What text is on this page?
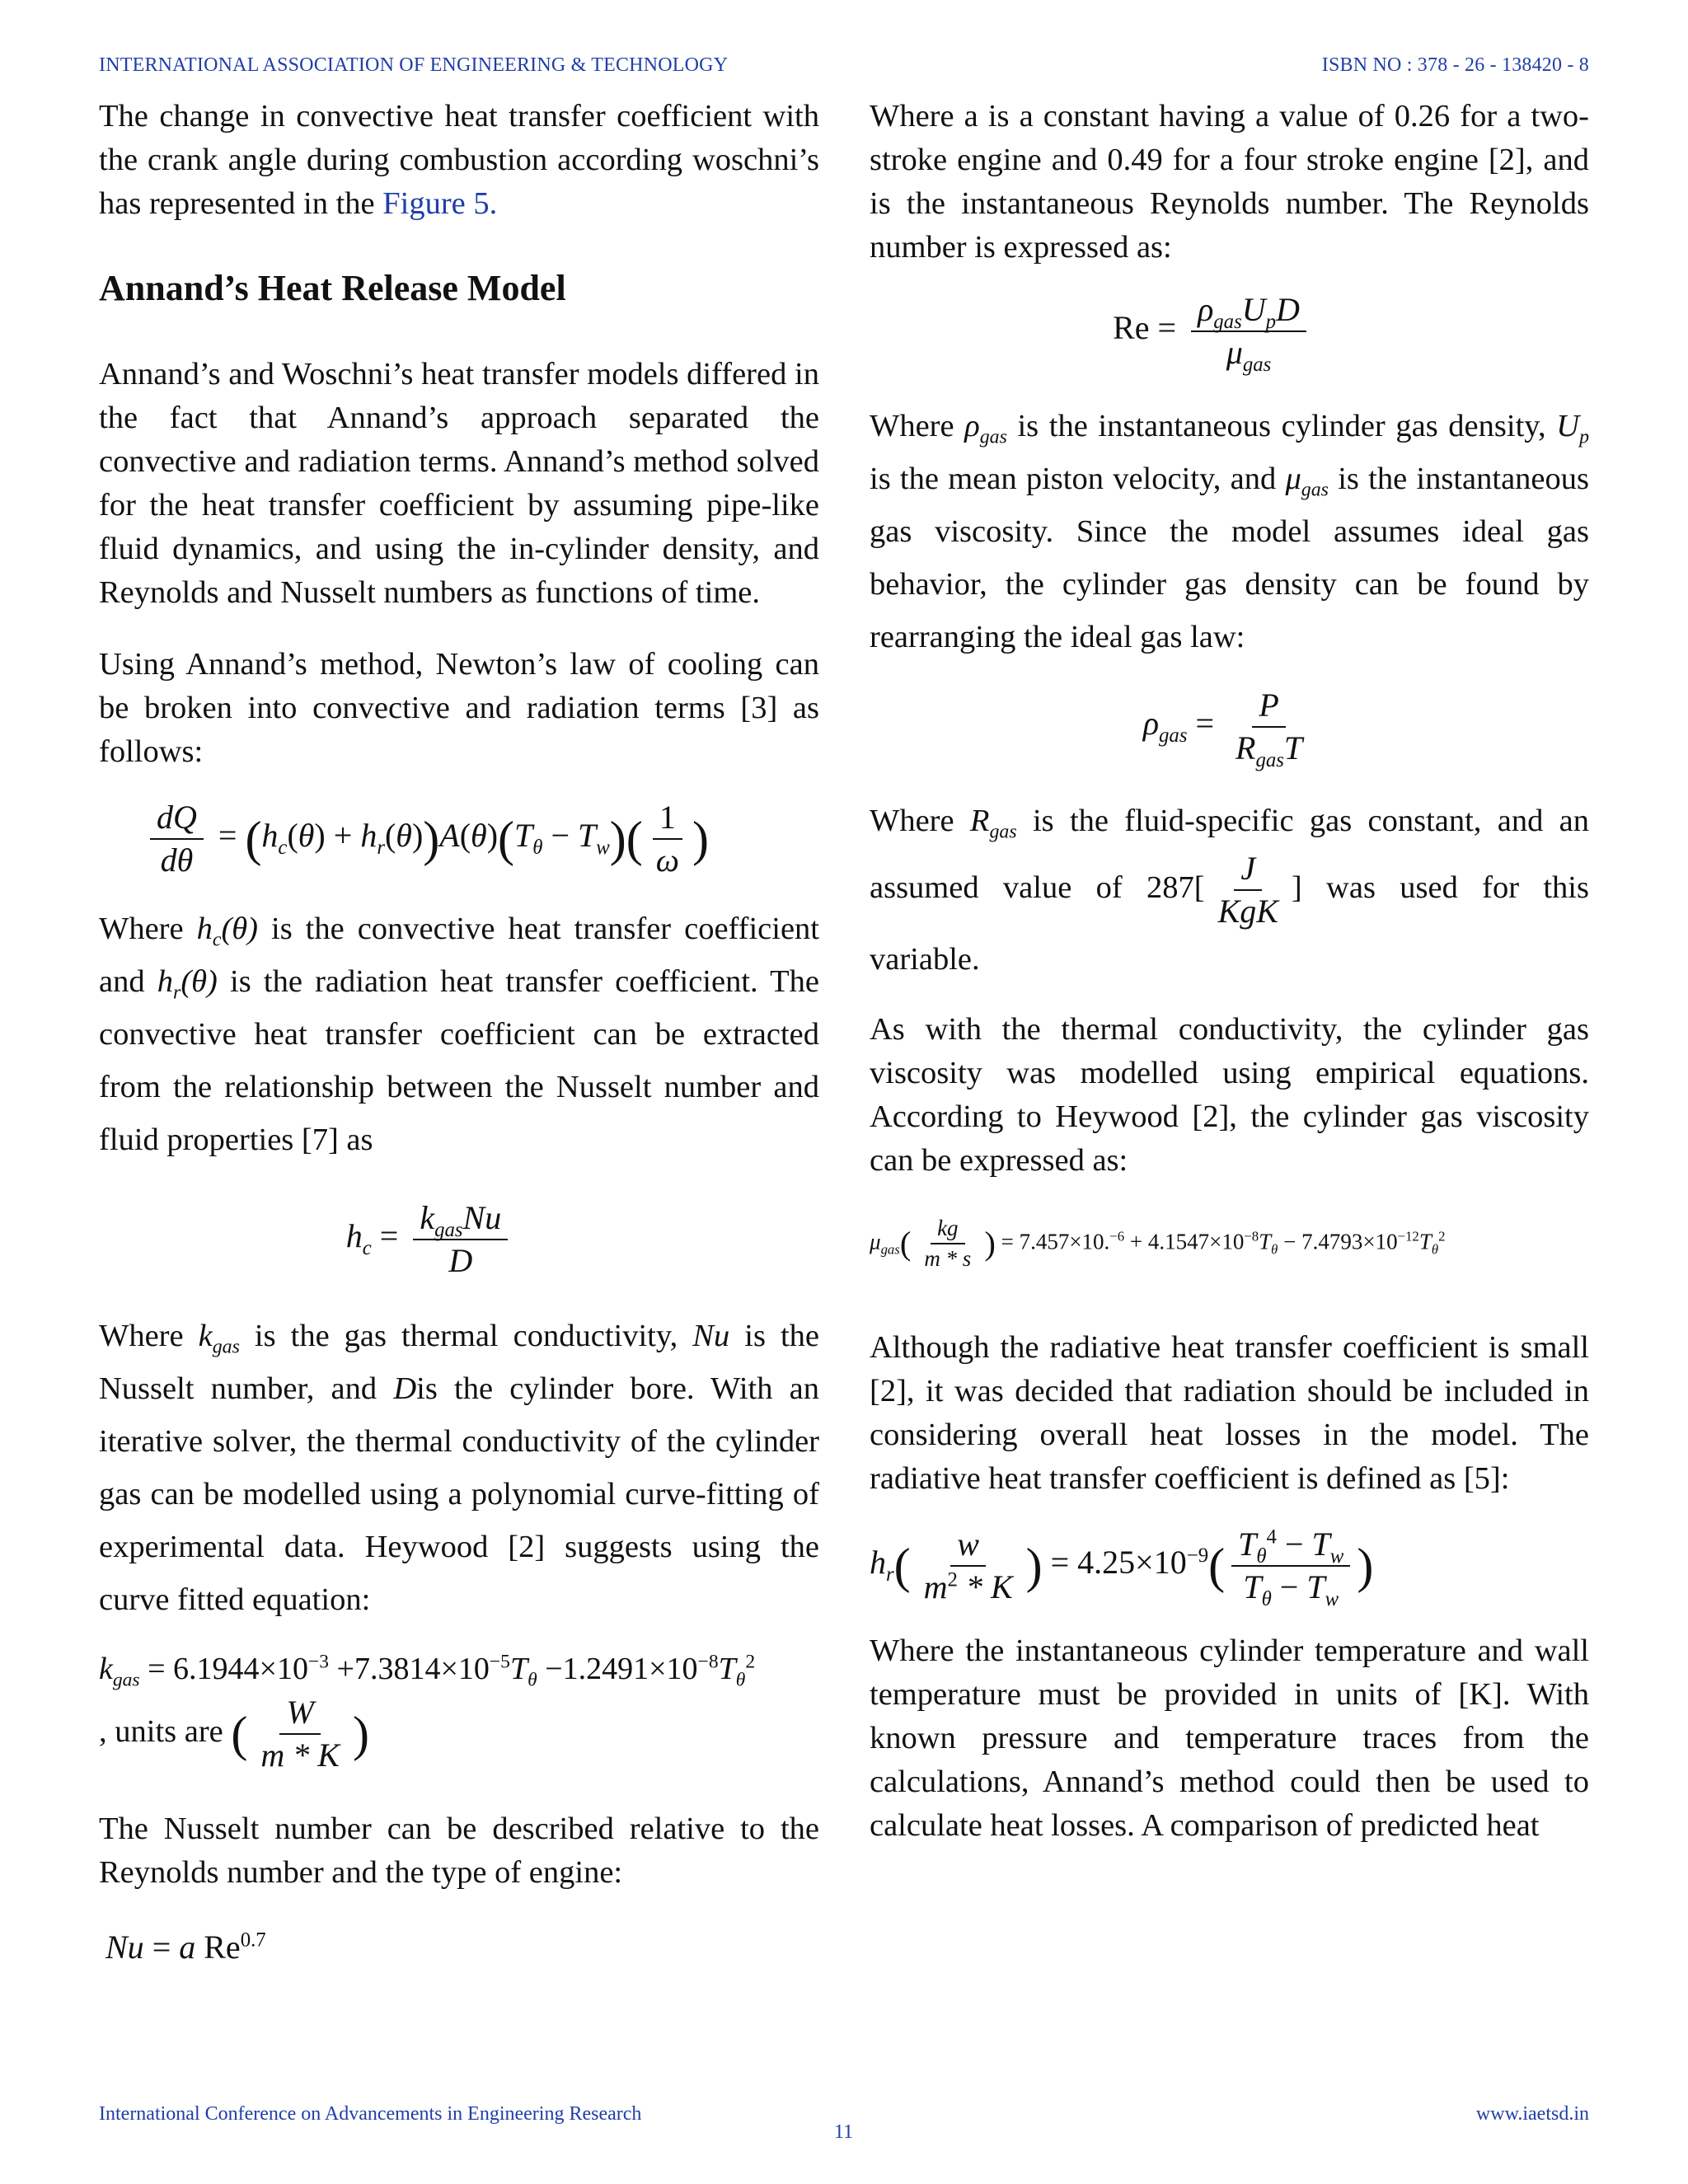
INTERNATIONAL ASSOCIATION OF ENGINEERING & TECHNOLOGY	ISBN NO : 378 - 26 - 138420 - 8

The change in convective heat transfer coefficient with the crank angle during combustion according woschni’s has represented in the Figure 5.

Annand’s Heat Release Model

Annand’s and Woschni’s heat transfer models differed in the fact that Annand’s approach separated the convective and radiation terms. Annand’s method solved for the heat transfer coefficient by assuming pipe-like fluid dynamics, and using the in-cylinder density, and Reynolds and Nusselt numbers as functions of time.

Using Annand’s method, Newton’s law of cooling can be broken into convective and radiation terms [3] as follows:

$\frac{dQ}{d\theta} = (h_c(\theta) + h_r(\theta))A(\theta)(T_\theta - T_w)( \frac{1}{\omega}$ )

Where $h_c(\theta)$ is the convective heat transfer coefficient and $h_r(\theta)$ is the radiation heat transfer coefficient. The convective heat transfer coefficient can be extracted from the relationship between the Nusselt number and fluid properties [7] as

$h_c = \frac{k_{gas}Nu}{D}$

Where $k_{gas}$ is the gas thermal conductivity, Nu is the Nusselt number, and Dis the cylinder bore. With an iterative solver, the thermal conductivity of the cylinder gas can be modelled using a polynomial curve-fitting of experimental data. Heywood [2] suggests using the curve fitted equation:

$k_{gas} = 6.1944\times 10^{-3} +7.3814\times 10^{-5}T_\theta -1.2491\times 10^{-8}T_\theta^2$
, units are ( $\frac{W}{m * K}$ )

The Nusselt number can be described relative to the Reynolds number and the type of engine:

Nu = a $Re^{0.7}$

Where a is a constant having a value of 0.26 for a two-stroke engine and 0.49 for a four stroke engine [2], and is the instantaneous Reynolds number. The Reynolds number is expressed as:

$Re = \frac{\rho_{gas}U_pD}{\mu_{gas}}$

Where $\rho_{gas}$ is the instantaneous cylinder gas density, $U_p$ is the mean piston velocity, and $\mu_{gas}$ is the instantaneous gas viscosity. Since the model assumes ideal gas behavior, the cylinder gas density can be found by rearranging the ideal gas law:

$\rho_{gas} = \frac{P}{R_{gas}T}$

Where $R_{gas}$ is the fluid-specific gas constant, and an assumed value of $287[ \frac{J}{\text{KgK}}$ ] was used for this variable.

As with the thermal conductivity, the cylinder gas viscosity was modelled using empirical equations. According to Heywood [2], the cylinder gas viscosity can be expressed as:

$\mu_{gas}( \frac{kg}{m * s}$ ) = $7.457\times 10.^{-6} + 4.1547\times 10^{-8}T_\theta - 7.4793\times 10^{-12}T_\theta^2$

Although the radiative heat transfer coefficient is small [2], it was decided that radiation should be included in considering overall heat losses in the model. The radiative heat transfer coefficient is defined as [5]:

$h_r( \frac{w}{m^2 * K}$ ) = $4.25\times 10^{-9}( \frac{T_\theta^4 - T_w}{T_\theta - T_w}$ )

Where the instantaneous cylinder temperature and wall temperature must be provided in units of [K]. With known pressure and temperature traces from the calculations, Annand’s method could then be used to calculate heat losses. A comparison of predicted heat

International Conference on Advancements in Engineering Research
11
www.iaetsd.in
